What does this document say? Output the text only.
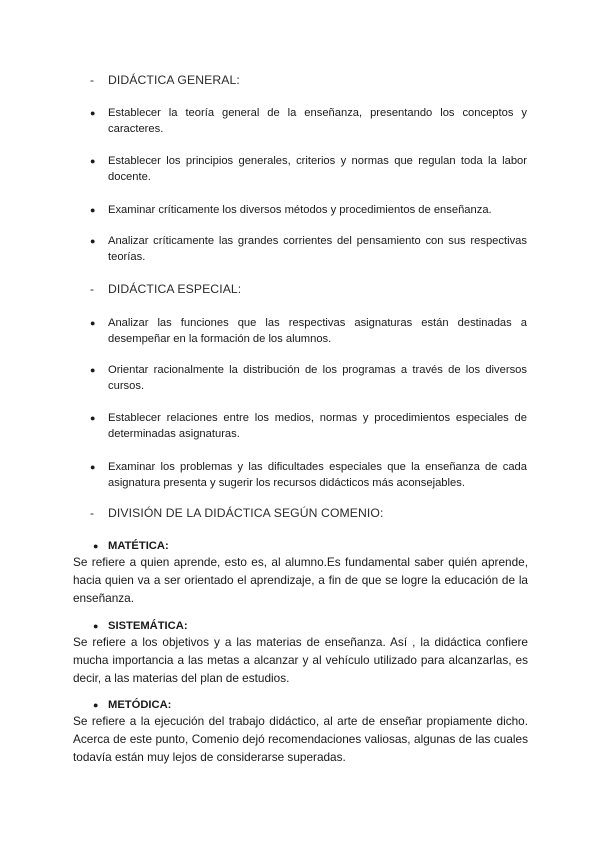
- DIDÁCTICA GENERAL:
● Establecer la teoría general de la enseñanza, presentando los conceptos y caracteres.
● Establecer los principios generales, criterios y normas que regulan toda la labor docente.
● Examinar críticamente los diversos métodos y procedimientos de enseñanza.
● Analizar críticamente las grandes corrientes del pensamiento con sus respectivas teorías.
- DIDÁCTICA ESPECIAL:
● Analizar las funciones que las respectivas asignaturas están destinadas a desempeñar en la formación de los alumnos.
● Orientar racionalmente la distribución de los programas a través de los diversos cursos.
● Establecer relaciones entre los medios, normas y procedimientos especiales de determinadas asignaturas.
● Examinar los problemas y las dificultades especiales que la enseñanza de cada asignatura presenta y sugerir los recursos didácticos más aconsejables.
- DIVISIÓN DE LA DIDÁCTICA SEGÚN COMENIO:
● MATÉTICA:
Se refiere a quien aprende, esto es, al alumno.Es fundamental saber quién aprende, hacia quien va a ser orientado el aprendizaje, a fin de que se logre la educación de la enseñanza.
● SISTEMÁTICA:
Se refiere a los objetivos y a las materias de enseñanza. Así , la didáctica confiere mucha importancia a las metas a alcanzar y al vehículo utilizado para alcanzarlas, es decir, a las materias del plan de estudios.
● METÓDICA:
Se refiere a la ejecución del trabajo didáctico, al arte de enseñar propiamente dicho. Acerca de este punto, Comenio dejó recomendaciones valiosas, algunas de las cuales todavía están muy lejos de considerarse superadas.
